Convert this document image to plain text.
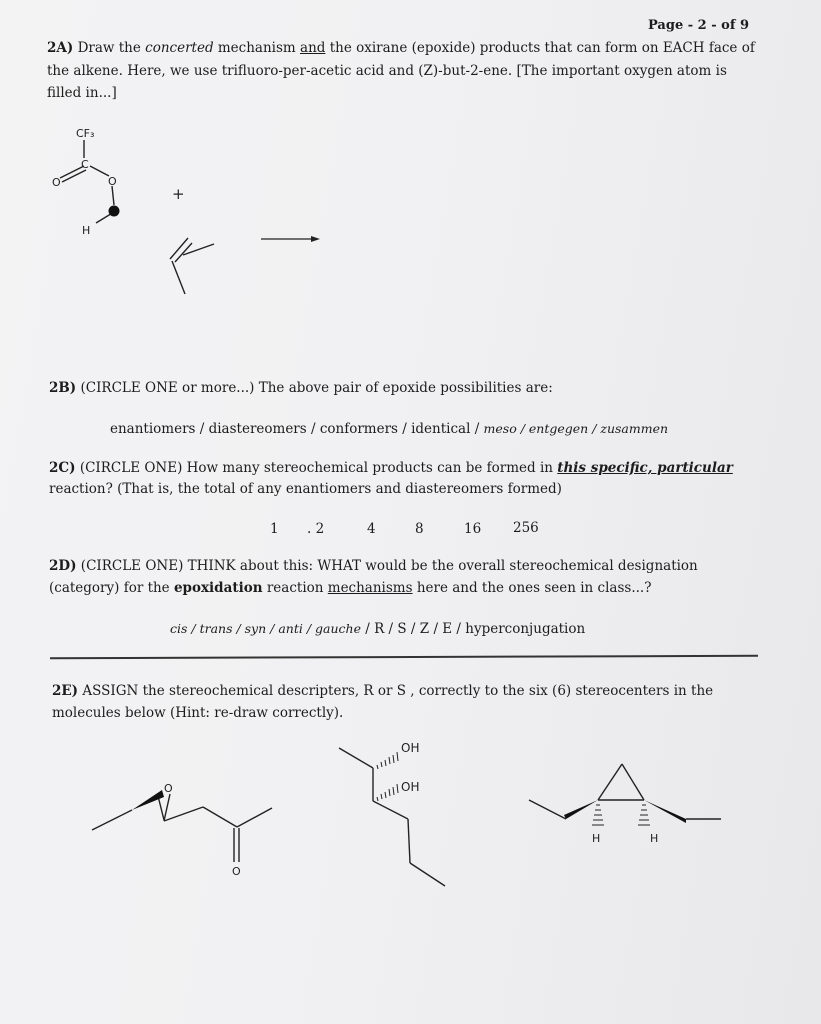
Page - 2 - of 9
2A) Draw the concerted mechanism and the oxirane (epoxide) products that can form on EACH face of
the alkene. Here, we use trifluoro-per-acetic acid and (Z)-but-2-ene. [The important oxygen atom is
filled in...]
CF₃
C
O	O
H
+
O
O
OH
OH
H	H
2B) (CIRCLE ONE or more...) The above pair of epoxide possibilities are:
enantiomers / diastereomers / conformers / identical / meso / entgegen / zusammen
2C) (CIRCLE ONE) How many stereochemical products can be formed in this specific, particular
reaction? (That is, the total of any enantiomers and diastereomers formed)
1 . 2	4	8	16 256
2D) (CIRCLE ONE) THINK about this: WHAT would be the overall stereochemical designation
(category) for the epoxidation reaction mechanisms here and the ones seen in class...?
cis / trans / syn / anti / gauche / R / S / Z / E / hyperconjugation
2E) ASSIGN the stereochemical descripters, R or S , correctly to the six (6) stereocenters in the
molecules below (Hint: re-draw correctly).
